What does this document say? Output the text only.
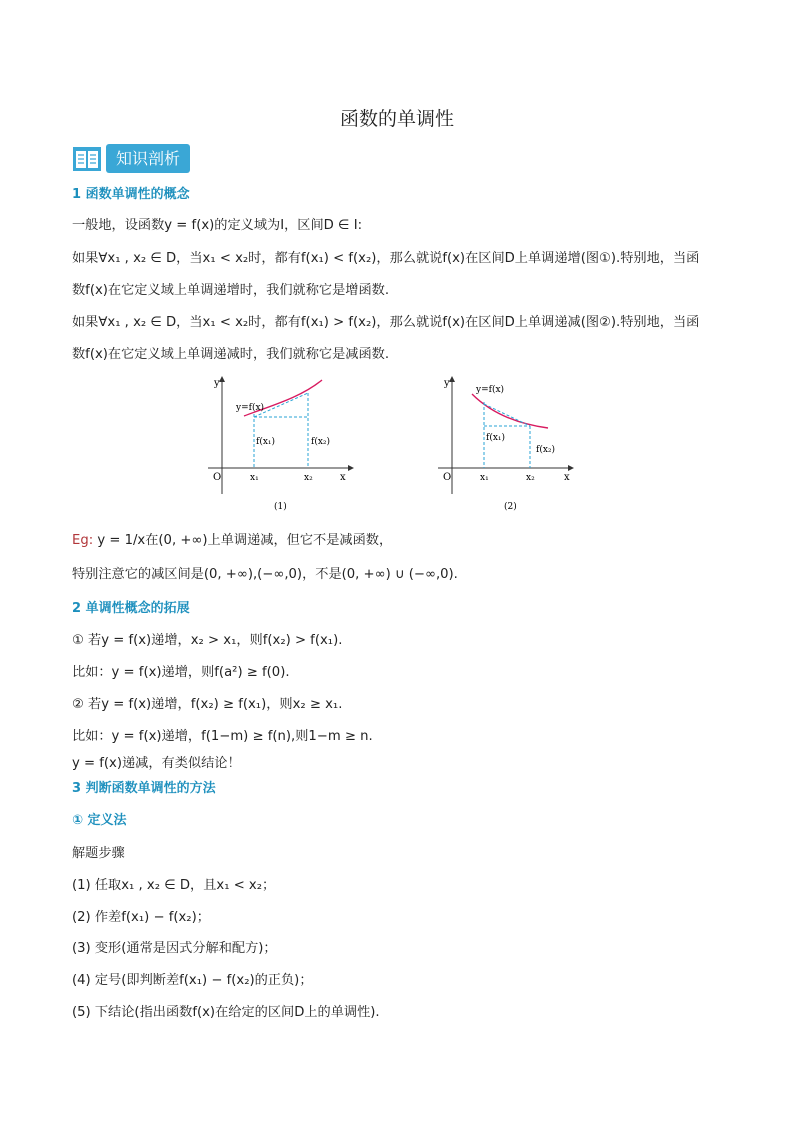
函数的单调性
知识剖析
1 函数单调性的概念
一般地，设函数y = f(x)的定义域为I，区间D ∈ I:
如果∀x₁ , x₂ ∈ D，当x₁ < x₂时，都有f(x₁) < f(x₂)，那么就说f(x)在区间D上单调递增(图①).特别地，当函
数f(x)在它定义域上单调递增时，我们就称它是增函数.
如果∀x₁ , x₂ ∈ D，当x₁ < x₂时，都有f(x₁) > f(x₂)，那么就说f(x)在区间D上单调递减(图②).特别地，当函
数f(x)在它定义域上单调递减时，我们就称它是减函数.
y
x
O
y=f(x)
f(x₁)	f(x₂)
x₁	x₂
(1)
y
x
O
y=f(x)
f(x₁)
f(x₂)
x₁	x₂
(2)
Eg: y = 1/x在(0, +∞)上单调递减，但它不是减函数，
特别注意它的减区间是(0, +∞),(−∞,0)，不是(0, +∞) ∪ (−∞,0).
2 单调性概念的拓展
① 若y = f(x)递增，x₂ > x₁，则f(x₂) > f(x₁).
比如：y = f(x)递增，则f(a²) ≥ f(0).
② 若y = f(x)递增，f(x₂) ≥ f(x₁)，则x₂ ≥ x₁.
比如：y = f(x)递增，f(1−m) ≥ f(n),则1−m ≥ n.
y = f(x)递减，有类似结论！
3 判断函数单调性的方法
① 定义法
解题步骤
(1) 任取x₁ , x₂ ∈ D，且x₁ < x₂；
(2) 作差f(x₁) − f(x₂)；
(3) 变形(通常是因式分解和配方)；
(4) 定号(即判断差f(x₁) − f(x₂)的正负)；
(5) 下结论(指出函数f(x)在给定的区间D上的单调性).
